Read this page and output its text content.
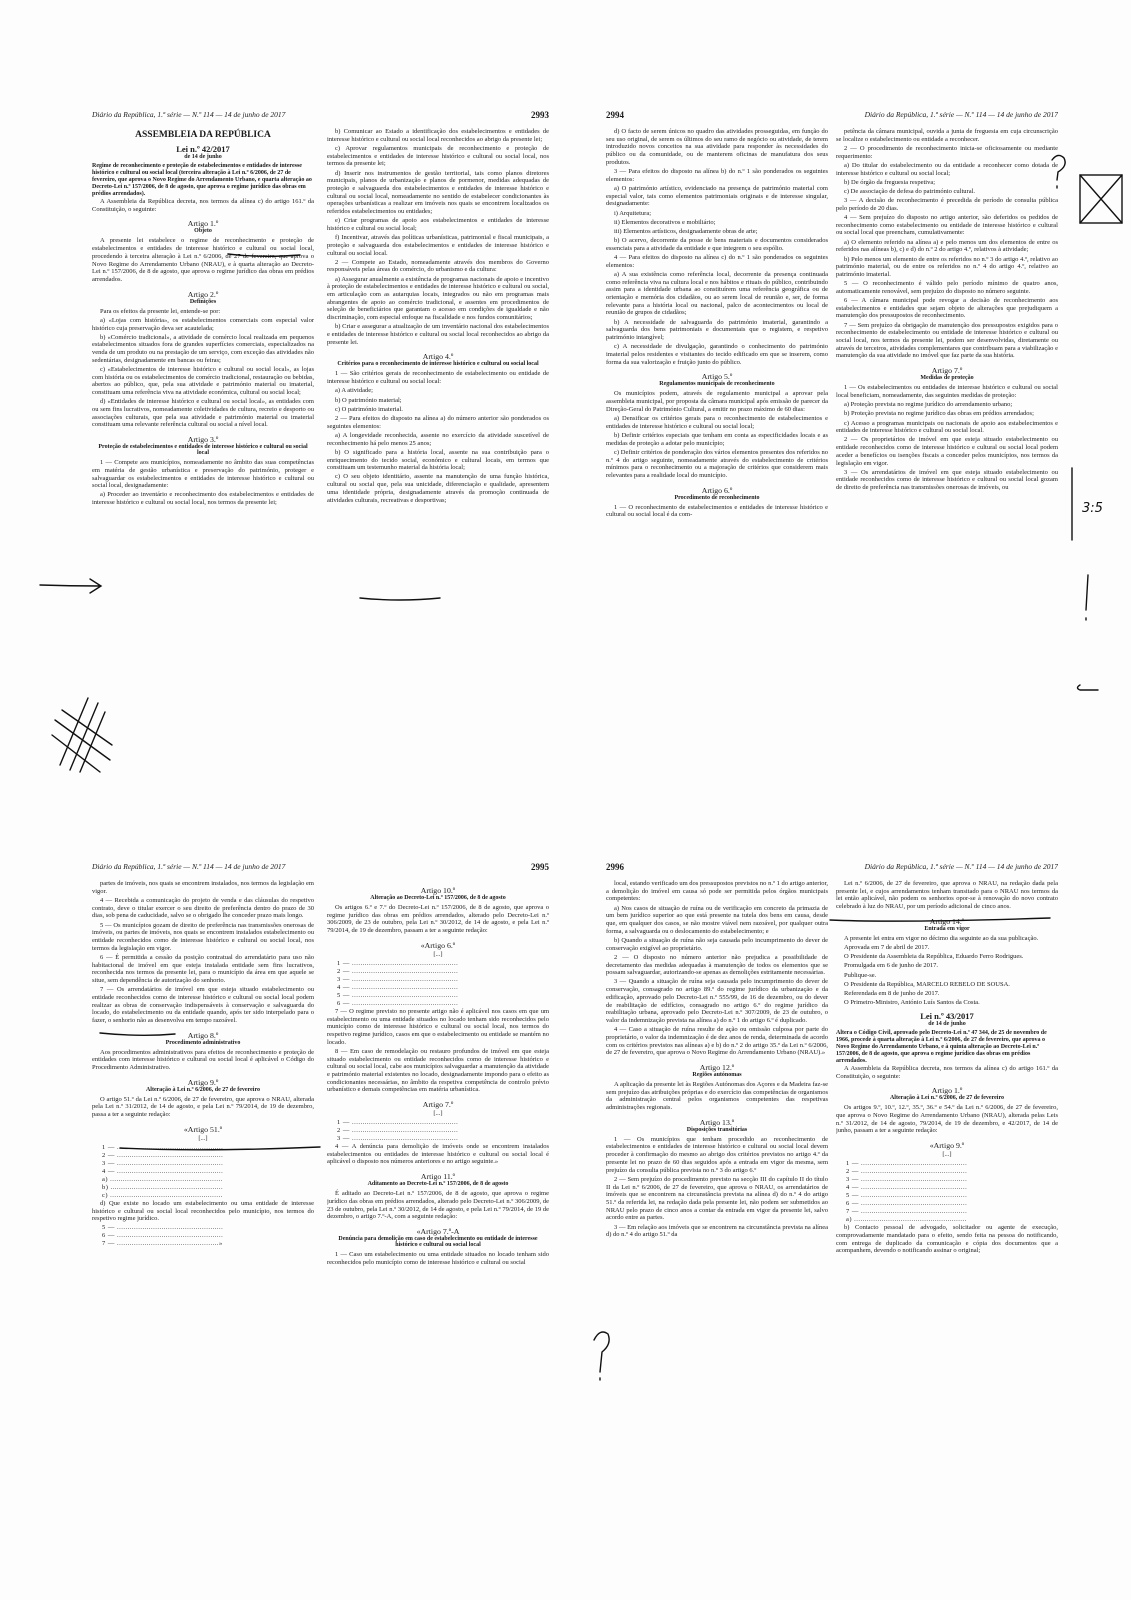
Diário da República, 1.ª série — N.º 114 — 14 de junho de 2017	2993
ASSEMBLEIA DA REPÚBLICA
Lei n.º 42/2017
de 14 de junho
Regime de reconhecimento e proteção de estabelecimentos e entidades de interesse histórico e cultural ou social local (terceira alteração à Lei n.º 6/2006, de 27 de fevereiro, que aprova o Novo Regime do Arrendamento Urbano, e quarta alteração ao Decreto-Lei n.º 157/2006, de 8 de agosto, que aprova o regime jurídico das obras em prédios arrendados).

A Assembleia da República decreta, nos termos da alínea c) do artigo 161.º da Constituição, o seguinte:

Artigo 1.º
Objeto

A presente lei estabelece o regime de reconhecimento e proteção de estabelecimentos e entidades de interesse histórico e cultural ou social local, procedendo à terceira alteração à Lei n.º 6/2006, de 27 de fevereiro, que aprova o Novo Regime do Arrendamento Urbano (NRAU), e à quarta alteração ao Decreto-Lei n.º 157/2006, de 8 de agosto, que aprova o regime jurídico das obras em prédios arrendados.

Artigo 2.º
Definições

Para os efeitos da presente lei, entende-se por:

a) «Lojas com história», os estabelecimentos comerciais com especial valor histórico cuja preservação deva ser acautelada;

b) «Comércio tradicional», a atividade de comércio local realizada em pequenos estabelecimentos situados fora de grandes superfícies comerciais, especializados na venda de um produto ou na prestação de um serviço, com exceção das atividades não sedentárias, designadamente em bancas ou feiras;

c) «Estabelecimentos de interesse histórico e cultural ou social local», as lojas com história ou os estabelecimentos de comércio tradicional, restauração ou bebidas, abertos ao público, que, pela sua atividade e património material ou imaterial, constituam uma referência viva na atividade económica, cultural ou social local;

d) «Entidades de interesse histórico e cultural ou social local», as entidades com ou sem fins lucrativos, nomeadamente coletividades de cultura, recreio e desporto ou associações culturais, que pela sua atividade e património material ou imaterial constituam uma relevante referência cultural ou social a nível local.

Artigo 3.º
Proteção de estabelecimentos e entidades de interesse histórico e cultural ou social local

1 — Compete aos municípios, nomeadamente no âmbito das suas competências em matéria de gestão urbanística e preservação do património, proteger e salvaguardar os estabelecimentos e entidades de interesse histórico e cultural ou social local, designadamente:

a) Proceder ao inventário e reconhecimento dos estabelecimentos e entidades de interesse histórico e cultural ou social local, nos termos da presente lei;

b) Comunicar ao Estado a identificação dos estabelecimentos e entidades de interesse histórico e cultural ou social local reconhecidos ao abrigo da presente lei;

c) Aprovar regulamentos municipais de reconhecimento e proteção de estabelecimentos e entidades de interesse histórico e cultural ou social local, nos termos da presente lei;

d) Inserir nos instrumentos de gestão territorial, tais como planos diretores municipais, planos de urbanização e planos de pormenor, medidas adequadas de proteção e salvaguarda dos estabelecimentos e entidades de interesse histórico e cultural ou social local, nomeadamente no sentido de estabelecer condicionantes às operações urbanísticas a realizar em imóveis nos quais se encontrem localizados os referidos estabelecimentos ou entidades;

e) Criar programas de apoio aos estabelecimentos e entidades de interesse histórico e cultural ou social local;

f) Incentivar, através das políticas urbanísticas, patrimonial e fiscal municipais, a proteção e salvaguarda dos estabelecimentos e entidades de interesse histórico e cultural ou social local.

2 — Compete ao Estado, nomeadamente através dos membros do Governo responsáveis pelas áreas do comércio, do urbanismo e da cultura:

a) Assegurar anualmente a existência de programas nacionais de apoio e incentivo à proteção de estabelecimentos e entidades de interesse histórico e cultural ou social, em articulação com as autarquias locais, integrados ou não em programas mais abrangentes de apoio ao comércio tradicional, e assentes em procedimentos de seleção de beneficiários que garantam o acesso em condições de igualdade e não discriminação, com especial enfoque na fiscalidade e nos fundos comunitários;

b) Criar e assegurar a atualização de um inventário nacional dos estabelecimentos e entidades de interesse histórico e cultural ou social local reconhecidos ao abrigo da presente lei.

Artigo 4.º
Critérios para o reconhecimento de interesse histórico e cultural ou social local

1 — São critérios gerais de reconhecimento de estabelecimento ou entidade de interesse histórico e cultural ou social local:

a) A atividade;

b) O património material;

c) O património imaterial.

2 — Para efeitos do disposto na alínea a) do número anterior são ponderados os seguintes elementos:

a) A longevidade reconhecida, assente no exercício da atividade suscetível de reconhecimento há pelo menos 25 anos;

b) O significado para a história local, assente na sua contribuição para o enriquecimento do tecido social, económico e cultural locais, em termos que constituam um testemunho material da história local;

c) O seu objeto identitário, assente na manutenção de uma função histórica, cultural ou social que, pela sua unicidade, diferenciação e qualidade, apresentem uma identidade própria, designadamente através da promoção continuada de atividades culturais, recreativas e desportivas;

2994	Diário da República, 1.ª série — N.º 114 — 14 de junho de 2017

d) O facto de serem únicos no quadro das atividades prosseguidas, em função do seu uso original, de serem os últimos do seu ramo de negócio ou atividade, de terem introduzido novos conceitos na sua atividade para responder às necessidades do público ou da comunidade, ou de manterem oficinas de manufatura dos seus produtos.

3 — Para efeitos do disposto na alínea b) do n.º 1 são ponderados os seguintes elementos:

a) O património artístico, evidenciado na presença de património material com especial valor, tais como elementos patrimoniais originais e de interesse singular, designadamente:

i) Arquitetura;

ii) Elementos decorativos e mobiliário;

iii) Elementos artísticos, designadamente obras de arte;

b) O acervo, decorrente da posse de bens materiais e documentos considerados essenciais para a atividade da entidade e que integrem o seu espólio.

4 — Para efeitos do disposto na alínea c) do n.º 1 são ponderados os seguintes elementos:

a) A sua existência como referência local, decorrente da presença continuada como referência viva na cultura local e nos hábitos e rituais do público, contribuindo assim para a identidade urbana ao constituírem uma referência geográfica ou de orientação e memória dos cidadãos, ou ao serem local de reunião e, ser, de forma relevante para a história local ou nacional, palco de acontecimentos ou local de reunião de grupos de cidadãos;

b) A necessidade de salvaguarda do património imaterial, garantindo a salvaguarda dos bens patrimoniais e documentais que o registem, e respetivo património intangível;

c) A necessidade de divulgação, garantindo o conhecimento do património imaterial pelos residentes e visitantes do tecido edificado em que se inserem, como forma da sua valorização e fruição junto do público.

Artigo 5.º
Regulamentos municipais de reconhecimento

Os municípios podem, através de regulamento municipal a aprovar pela assembleia municipal, por proposta da câmara municipal após emissão de parecer da Direção-Geral do Património Cultural, a emitir no prazo máximo de 60 dias:

a) Densificar os critérios gerais para o reconhecimento de estabelecimentos e entidades de interesse histórico e cultural ou social local;

b) Definir critérios especiais que tenham em conta as especificidades locais e as medidas de proteção a adotar pelo município;

c) Definir critérios de ponderação dos vários elementos presentes dos referidos no n.º 4 do artigo seguinte, nomeadamente através do estabelecimento de critérios mínimos para o reconhecimento ou a majoração de critérios que considerem mais relevantes para a realidade local do município.

Artigo 6.º
Procedimento de reconhecimento

1 — O reconhecimento de estabelecimentos e entidades de interesse histórico e cultural ou social local é da com-

petência da câmara municipal, ouvida a junta de freguesia em cuja circunscrição se localize o estabelecimento ou entidade a reconhecer.

2 — O procedimento de reconhecimento inicia-se oficiosamente ou mediante requerimento:

a) Do titular do estabelecimento ou da entidade a reconhecer como dotada de interesse histórico e cultural ou social local;

b) De órgão da freguesia respetiva;

c) De associação de defesa do património cultural.

3 — A decisão de reconhecimento é precedida de período de consulta pública pelo período de 20 dias.

4 — Sem prejuízo do disposto no artigo anterior, são deferidos os pedidos de reconhecimento como estabelecimento ou entidade de interesse histórico e cultural ou social local que preencham, cumulativamente:

a) O elemento referido na alínea a) e pelo menos um dos elementos de entre os referidos nas alíneas b), c) e d) do n.º 2 do artigo 4.º, relativos à atividade;

b) Pelo menos um elemento de entre os referidos no n.º 3 do artigo 4.º, relativo ao património material, ou de entre os referidos no n.º 4 do artigo 4.º, relativo ao património imaterial.

5 — O reconhecimento é válido pelo período mínimo de quatro anos, automaticamente renovável, sem prejuízo do disposto no número seguinte.

6 — A câmara municipal pode revogar a decisão de reconhecimento aos estabelecimentos e entidades que sejam objeto de alterações que prejudiquem a manutenção dos pressupostos de reconhecimento.

7 — Sem prejuízo da obrigação de manutenção dos pressupostos exigidos para o reconhecimento de estabelecimento ou entidade de interesse histórico e cultural ou social local, nos termos da presente lei, podem ser desenvolvidas, diretamente ou através de terceiros, atividades complementares que contribuam para a viabilização e manutenção da sua atividade no imóvel que faz parte da sua história.

Artigo 7.º
Medidas de proteção

1 — Os estabelecimentos ou entidades de interesse histórico e cultural ou social local beneficiam, nomeadamente, das seguintes medidas de proteção:

a) Proteção prevista no regime jurídico do arrendamento urbano;

b) Proteção prevista no regime jurídico das obras em prédios arrendados;

c) Acesso a programas municipais ou nacionais de apoio aos estabelecimentos e entidades de interesse histórico e cultural ou social local.

2 — Os proprietários de imóvel em que esteja situado estabelecimento ou entidade reconhecidos como de interesse histórico e cultural ou social local podem aceder a benefícios ou isenções fiscais a conceder pelos municípios, nos termos da legislação em vigor.

3 — Os arrendatários de imóvel em que esteja situado estabelecimento ou entidade reconhecidos como de interesse histórico e cultural ou social local gozam de direito de preferência nas transmissões onerosas de imóveis, ou

Diário da República, 1.ª série — N.º 114 — 14 de junho de 2017	2995

partes de imóveis, nos quais se encontrem instalados, nos termos da legislação em vigor.

4 — Recebida a comunicação do projeto de venda e das cláusulas do respetivo contrato, deve o titular exercer o seu direito de preferência dentro do prazo de 30 dias, sob pena de caducidade, salvo se o obrigado lhe conceder prazo mais longo.

5 — Os municípios gozam de direito de preferência nas transmissões onerosas de imóveis, ou partes de imóveis, nos quais se encontrem instalados estabelecimento ou entidade reconhecidos como de interesse histórico e cultural ou social local, nos termos da legislação em vigor.

6 — É permitida a cessão da posição contratual do arrendatário para uso não habitacional de imóvel em que esteja instalada entidade sem fins lucrativos, reconhecida nos termos da presente lei, para o município da área em que aquele se situe, sem dependência de autorização do senhorio.

7 — Os arrendatários de imóvel em que esteja situado estabelecimento ou entidade reconhecidos como de interesse histórico e cultural ou social local podem realizar as obras de conservação indispensáveis à conservação e salvaguarda do locado, do estabelecimento ou da entidade quando, após ter sido interpelado para o fazer, o senhorio não as desenvolva em tempo razoável.

Artigo 8.º
Procedimento administrativo

Aos procedimentos administrativos para efeitos de reconhecimento e proteção de entidades com interesse histórico e cultural ou social local é aplicável o Código do Procedimento Administrativo.

Artigo 9.º
Alteração à Lei n.º 6/2006, de 27 de fevereiro

O artigo 51.º da Lei n.º 6/2006, de 27 de fevereiro, que aprova o NRAU, alterada pela Lei n.º 31/2012, de 14 de agosto, e pela Lei n.º 79/2014, de 19 de dezembro, passa a ter a seguinte redação:

«Artigo 51.º
[...]

1 — ..................................................

2 — ..................................................

3 — ..................................................

4 — ..................................................

a) .....................................................

b) .....................................................

c) .....................................................

d) Que existe no locado um estabelecimento ou uma entidade de interesse histórico e cultural ou social local reconhecidos pelo município, nos termos do respetivo regime jurídico.

5 — ..................................................

6 — ..................................................

7 — ................................................»

Artigo 10.º
Alteração ao Decreto-Lei n.º 157/2006, de 8 de agosto

Os artigos 6.º e 7.º do Decreto-Lei n.º 157/2006, de 8 de agosto, que aprova o regime jurídico das obras em prédios arrendados, alterado pelo Decreto-Lei n.º 306/2009, de 23 de outubro, pela Lei n.º 30/2012, de 14 de agosto, e pela Lei n.º 79/2014, de 19 de dezembro, passam a ter a seguinte redação:

«Artigo 6.º
[...]

1 — ..................................................

2 — ..................................................

3 — ..................................................

4 — ..................................................

5 — ..................................................

6 — ..................................................

7 — O regime previsto no presente artigo não é aplicável nos casos em que um estabelecimento ou uma entidade situados no locado tenham sido reconhecidos pelo município como de interesse histórico e cultural ou social local, nos termos do respetivo regime jurídico, casos em que o estabelecimento ou entidade se mantém no locado.

8 — Em caso de remodelação ou restauro profundos de imóvel em que esteja situado estabelecimento ou entidade reconhecidos como de interesse histórico e cultural ou social local, cabe aos municípios salvaguardar a manutenção da atividade e património material existentes no locado, designadamente impondo para o efeito as condicionantes necessárias, no âmbito da respetiva competência de controlo prévio urbanístico e demais competências em matéria urbanística.

Artigo 7.º
[...]

1 — ..................................................

2 — ..................................................

3 — ..................................................

4 — A denúncia para demolição de imóveis onde se encontrem instalados estabelecimentos ou entidades de interesse histórico e cultural ou social local é aplicável o disposto nos números anteriores e no artigo seguinte.»

Artigo 11.º
Aditamento ao Decreto-Lei n.º 157/2006, de 8 de agosto

É aditado ao Decreto-Lei n.º 157/2006, de 8 de agosto, que aprova o regime jurídico das obras em prédios arrendados, alterado pelo Decreto-Lei n.º 306/2009, de 23 de outubro, pela Lei n.º 30/2012, de 14 de agosto, e pela Lei n.º 79/2014, de 19 de dezembro, o artigo 7.º-A, com a seguinte redação:

«Artigo 7.º-A
Denúncia para demolição em caso de estabelecimento ou entidade de interesse histórico e cultural ou social local

1 — Caso um estabelecimento ou uma entidade situados no locado tenham sido reconhecidos pelo município como de interesse histórico e cultural ou social

2996	Diário da República, 1.ª série — N.º 114 — 14 de junho de 2017

local, estando verificado um dos pressupostos previstos no n.º 1 do artigo anterior, a demolição do imóvel em causa só pode ser permitida pelos órgãos municipais competentes:

a) Nos casos de situação de ruína ou de verificação em concreto da primazia de um bem jurídico superior ao que está presente na tutela dos bens em causa, desde que, em qualquer dos casos, se não mostre viável nem razoável, por qualquer outra forma, a salvaguarda ou o deslocamento do estabelecimento; e

b) Quando a situação de ruína não seja causada pelo incumprimento do dever de conservação exigível ao proprietário.

2 — O disposto no número anterior não prejudica a possibilidade de decretamento das medidas adequadas à manutenção de todos os elementos que se possam salvaguardar, autorizando-se apenas as demolições estritamente necessárias.

3 — Quando a situação de ruína seja causada pelo incumprimento do dever de conservação, consagrado no artigo 89.º do regime jurídico da urbanização e da edificação, aprovado pelo Decreto-Lei n.º 555/99, de 16 de dezembro, ou do dever de reabilitação de edifícios, consagrado no artigo 6.º do regime jurídico da reabilitação urbana, aprovado pelo Decreto-Lei n.º 307/2009, de 23 de outubro, o valor da indemnização prevista na alínea a) do n.º 1 do artigo 6.º é duplicado.

4 — Caso a situação de ruína resulte de ação ou omissão culposa por parte do proprietário, o valor da indemnização é de dez anos de renda, determinada de acordo com os critérios previstos nas alíneas a) e b) do n.º 2 do artigo 35.º da Lei n.º 6/2006, de 27 de fevereiro, que aprova o Novo Regime do Arrendamento Urbano (NRAU).»

Artigo 12.º
Regiões autónomas

A aplicação da presente lei às Regiões Autónomas dos Açores e da Madeira faz-se sem prejuízo das atribuições próprias e do exercício das competências de organismos da administração central pelos organismos competentes das respetivas administrações regionais.

Artigo 13.º
Disposições transitórias

1 — Os municípios que tenham procedido ao reconhecimento de estabelecimentos e entidades de interesse histórico e cultural ou social local devem proceder à confirmação do mesmo ao abrigo dos critérios previstos no artigo 4.º da presente lei no prazo de 60 dias seguidos após a entrada em vigor da mesma, sem prejuízo da consulta pública prevista no n.º 3 do artigo 6.º

2 — Sem prejuízo do procedimento previsto na secção III do capítulo II do título II da Lei n.º 6/2006, de 27 de fevereiro, que aprova o NRAU, os arrendatários de imóveis que se encontrem na circunstância prevista na alínea d) do n.º 4 do artigo 51.º da referida lei, na redação dada pela presente lei, não podem ser submetidos ao NRAU pelo prazo de cinco anos a contar da entrada em vigor da presente lei, salvo acordo entre as partes.

3 — Em relação aos imóveis que se encontrem na circunstância prevista na alínea d) do n.º 4 do artigo 51.º da

Lei n.º 6/2006, de 27 de fevereiro, que aprova o NRAU, na redação dada pela presente lei, e cujos arrendamentos tenham transitado para o NRAU nos termos da lei então aplicável, não podem os senhorios opor-se à renovação do novo contrato celebrado à luz do NRAU, por um período adicional de cinco anos.

Artigo 14.º
Entrada em vigor

A presente lei entra em vigor no décimo dia seguinte ao da sua publicação.

Aprovada em 7 de abril de 2017.

O Presidente da Assembleia da República, Eduardo Ferro Rodrigues.

Promulgada em 6 de junho de 2017.

Publique-se.

O Presidente da República, MARCELO REBELO DE SOUSA.

Referendada em 8 de junho de 2017.

O Primeiro-Ministro, António Luís Santos da Costa.

Lei n.º 43/2017
de 14 de junho
Altera o Código Civil, aprovado pelo Decreto-Lei n.º 47 344, de 25 de novembro de 1966, procede à quarta alteração à Lei n.º 6/2006, de 27 de fevereiro, que aprova o Novo Regime do Arrendamento Urbano, e à quinta alteração ao Decreto-Lei n.º 157/2006, de 8 de agosto, que aprova o regime jurídico das obras em prédios arrendados.

A Assembleia da República decreta, nos termos da alínea c) do artigo 161.º da Constituição, o seguinte:

Artigo 1.º
Alteração à Lei n.º 6/2006, de 27 de fevereiro

Os artigos 9.º, 10.º, 12.º, 35.º, 36.º e 54.º da Lei n.º 6/2006, de 27 de fevereiro, que aprova o Novo Regime do Arrendamento Urbano (NRAU), alterada pelas Leis n.º 31/2012, de 14 de agosto, 79/2014, de 19 de dezembro, e 42/2017, de 14 de junho, passam a ter a seguinte redação:

«Artigo 9.º
[...]

1 — ..................................................

2 — ..................................................

3 — ..................................................

4 — ..................................................

5 — ..................................................

6 — ..................................................

7 — ..................................................

a) .....................................................

b) Contacto pessoal de advogado, solicitador ou agente de execução, comprovadamente mandatado para o efeito, sendo feita na pessoa do notificando, com entrega de duplicado da comunicação e cópia dos documentos que a acompanhem, devendo o notificando assinar o original;

3:5
